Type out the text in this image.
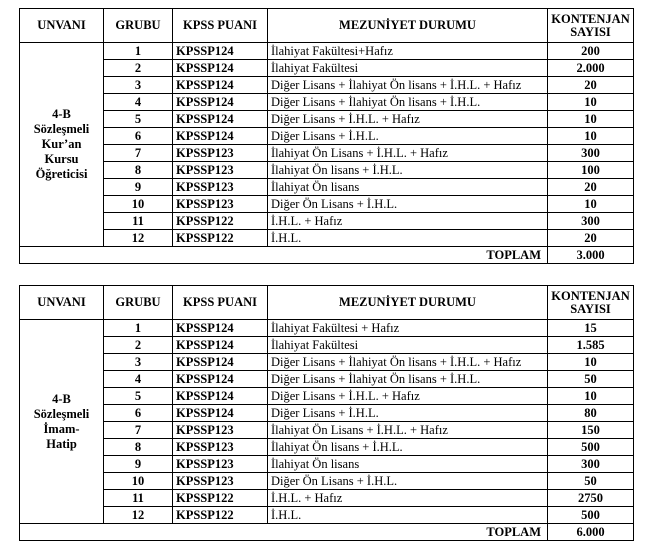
UNVANI	GRUBU	KPSS PUANI	MEZUNİYET DURUMU	KONTENJAN
SAYISI
4-B
Sözleşmeli
Kur’an
Kursu
Öğreticisi	1	KPSSP124	İlahiyat Fakültesi+Hafız	200
	2	KPSSP124	İlahiyat Fakültesi	2.000
	3	KPSSP124	Diğer Lisans + İlahiyat Ön lisans + İ.H.L. + Hafız	20
	4	KPSSP124	Diğer Lisans + İlahiyat Ön lisans + İ.H.L.	10
	5	KPSSP124	Diğer Lisans + İ.H.L. + Hafız	10
	6	KPSSP124	Diğer Lisans + İ.H.L.	10
	7	KPSSP123	İlahiyat Ön Lisans + İ.H.L. + Hafız	300
	8	KPSSP123	İlahiyat Ön lisans + İ.H.L.	100
	9	KPSSP123	İlahiyat Ön lisans	20
	10	KPSSP123	Diğer Ön Lisans + İ.H.L.	10
	11	KPSSP122	İ.H.L. + Hafız	300
	12	KPSSP122	İ.H.L.	20
TOPLAM				3.000
UNVANI	GRUBU	KPSS PUANI	MEZUNİYET DURUMU	KONTENJAN
SAYISI
4-B
Sözleşmeli
İmam-
Hatip	1	KPSSP124	İlahiyat Fakültesi + Hafız	15
	2	KPSSP124	İlahiyat Fakültesi	1.585
	3	KPSSP124	Diğer Lisans + İlahiyat Ön lisans + İ.H.L. + Hafız	10
	4	KPSSP124	Diğer Lisans + İlahiyat Ön lisans + İ.H.L.	50
	5	KPSSP124	Diğer Lisans + İ.H.L. + Hafız	10
	6	KPSSP124	Diğer Lisans + İ.H.L.	80
	7	KPSSP123	İlahiyat Ön Lisans + İ.H.L. + Hafız	150
	8	KPSSP123	İlahiyat Ön lisans + İ.H.L.	500
	9	KPSSP123	İlahiyat Ön lisans	300
	10	KPSSP123	Diğer Ön Lisans + İ.H.L.	50
	11	KPSSP122	İ.H.L. + Hafız	2750
	12	KPSSP122	İ.H.L.	500
TOPLAM				6.000
